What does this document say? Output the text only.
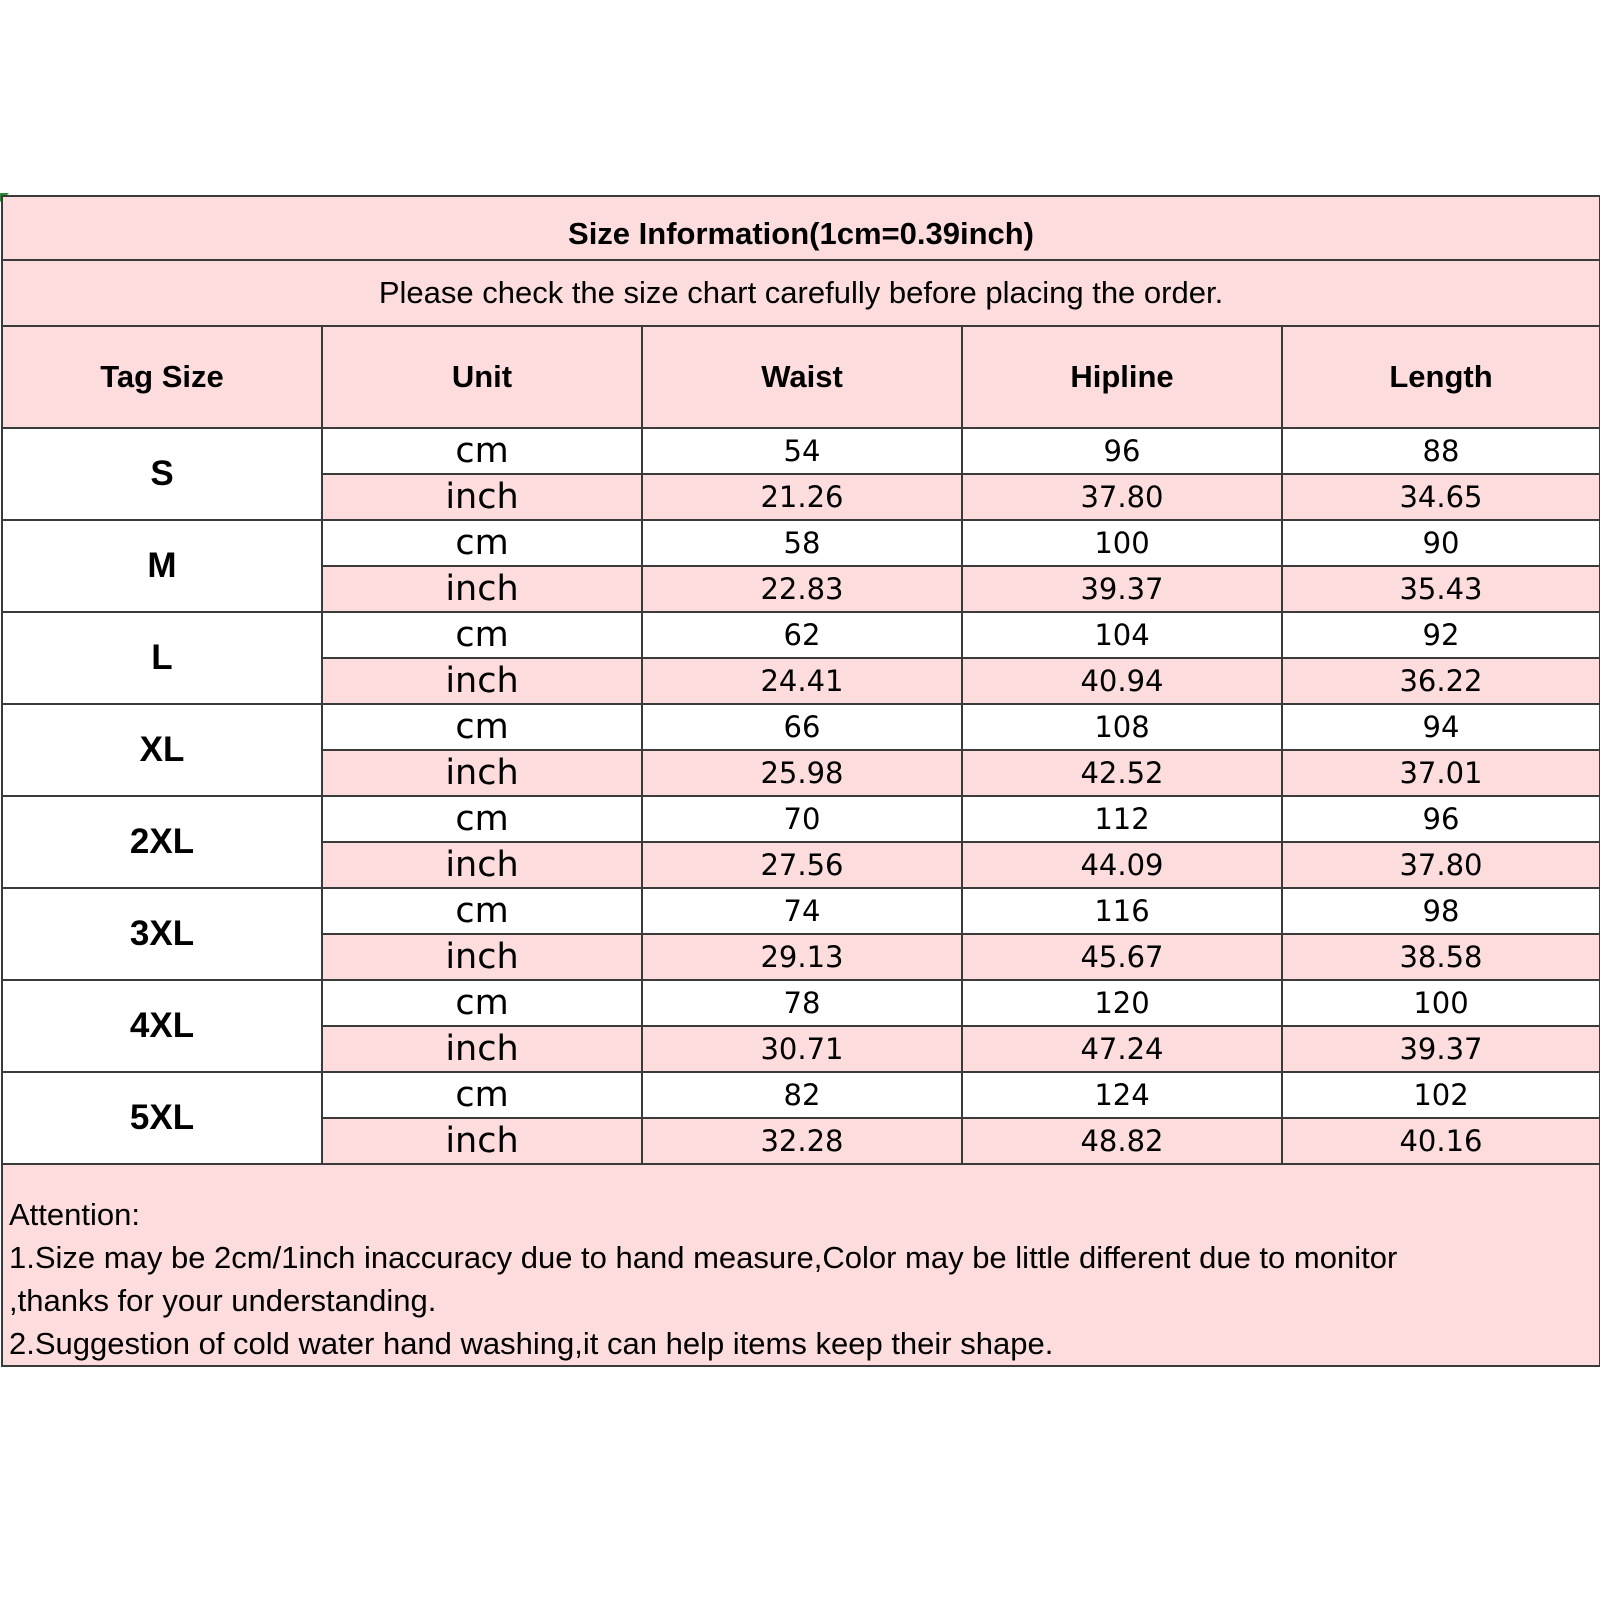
Size Information(1cm=0.39inch)				
Please check the size chart carefully before placing the order.				
Tag Size	Unit	Waist	Hipline	Length
S	cm	54	96	88
	inch	21.26	37.80	34.65
M	cm	58	100	90
	inch	22.83	39.37	35.43
L	cm	62	104	92
	inch	24.41	40.94	36.22
XL	cm	66	108	94
	inch	25.98	42.52	37.01
2XL	cm	70	112	96
	inch	27.56	44.09	37.80
3XL	cm	74	116	98
	inch	29.13	45.67	38.58
4XL	cm	78	120	100
	inch	30.71	47.24	39.37
5XL	cm	82	124	102
	inch	32.28	48.82	40.16

Attention:
1.Size may be 2cm/1inch inaccuracy due to hand measure,Color may be little different due to monitor
,thanks for your understanding.
2.Suggestion of cold water hand washing,it can help items keep their shape.				
